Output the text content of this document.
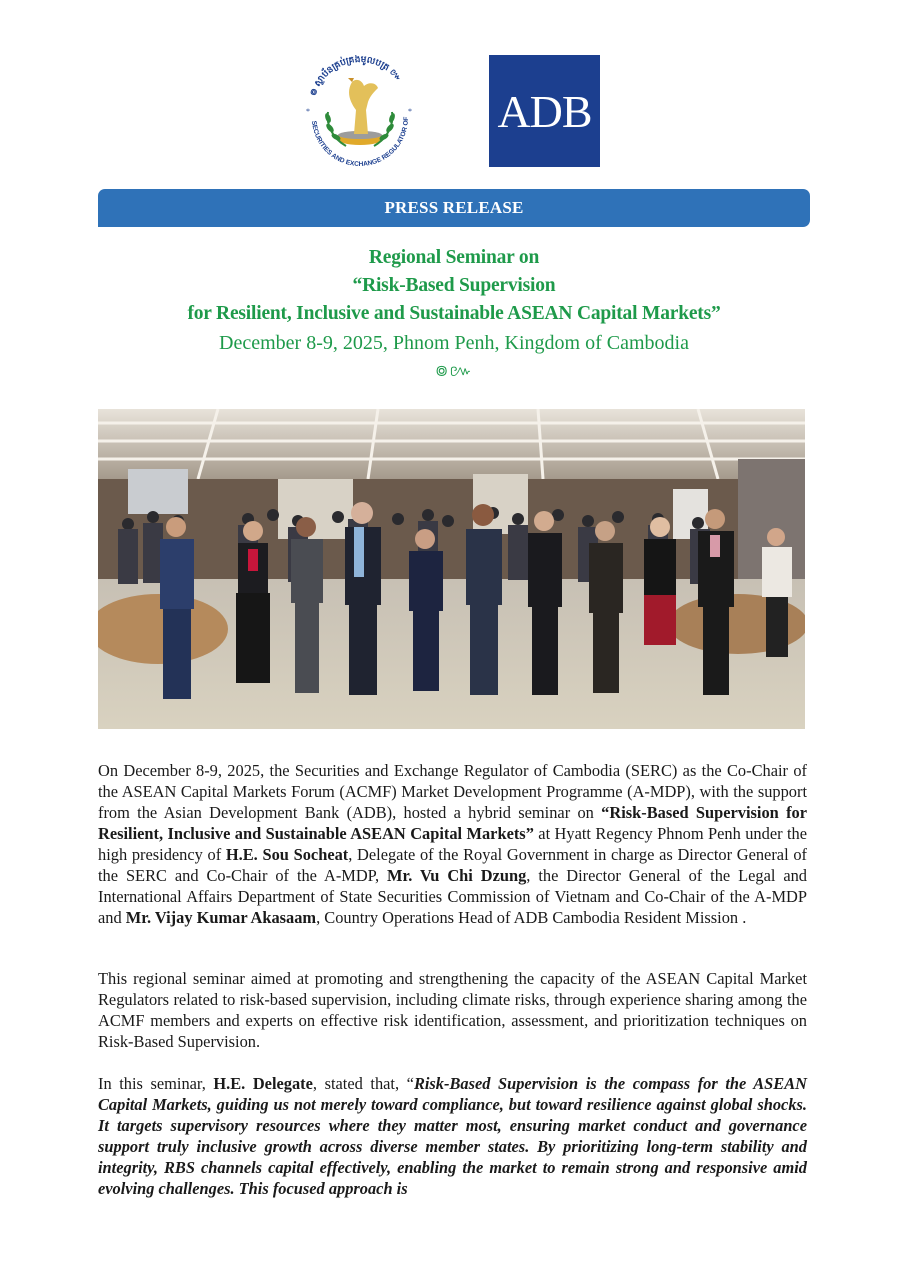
៙ ស្ថាប័នគ្រប់គ្រងមូលបត្រ ៚
SECURITIES AND EXCHANGE REGULATOR OF
*	* ADB
PRESS RELEASE
Regional Seminar on
“Risk-Based Supervision
for Resilient, Inclusive and Sustainable ASEAN Capital Markets”
December 8-9, 2025, Phnom Penh, Kingdom of Cambodia
៙៚
On December 8-9, 2025, the Securities and Exchange Regulator of Cambodia (SERC) as the Co-Chair of the ASEAN Capital Markets Forum (ACMF) Market Development Programme (A-MDP), with the support from the Asian Development Bank (ADB), hosted a hybrid seminar on “Risk-Based Supervision for Resilient, Inclusive and Sustainable ASEAN Capital Markets” at Hyatt Regency Phnom Penh under the high presidency of H.E. Sou Socheat, Delegate of the Royal Government in charge as Director General of the SERC and Co-Chair of the A-MDP, Mr. Vu Chi Dzung, the Director General of the Legal and International Affairs Department of State Securities Commission of Vietnam and Co-Chair of the A-MDP and Mr. Vijay Kumar Akasaam, Country Operations Head of ADB Cambodia Resident Mission .
This regional seminar aimed at promoting and strengthening the capacity of the ASEAN Capital Market Regulators related to risk-based supervision, including climate risks, through experience sharing among the ACMF members and experts on effective risk identification, assessment, and prioritization techniques on Risk-Based Supervision.
In this seminar, H.E. Delegate, stated that, “Risk-Based Supervision is the compass for the ASEAN Capital Markets, guiding us not merely toward compliance, but toward resilience against global shocks. It targets supervisory resources where they matter most, ensuring market conduct and governance support truly inclusive growth across diverse member states. By prioritizing long-term stability and integrity, RBS channels capital effectively, enabling the market to remain strong and responsive amid evolving challenges. This focused approach is
